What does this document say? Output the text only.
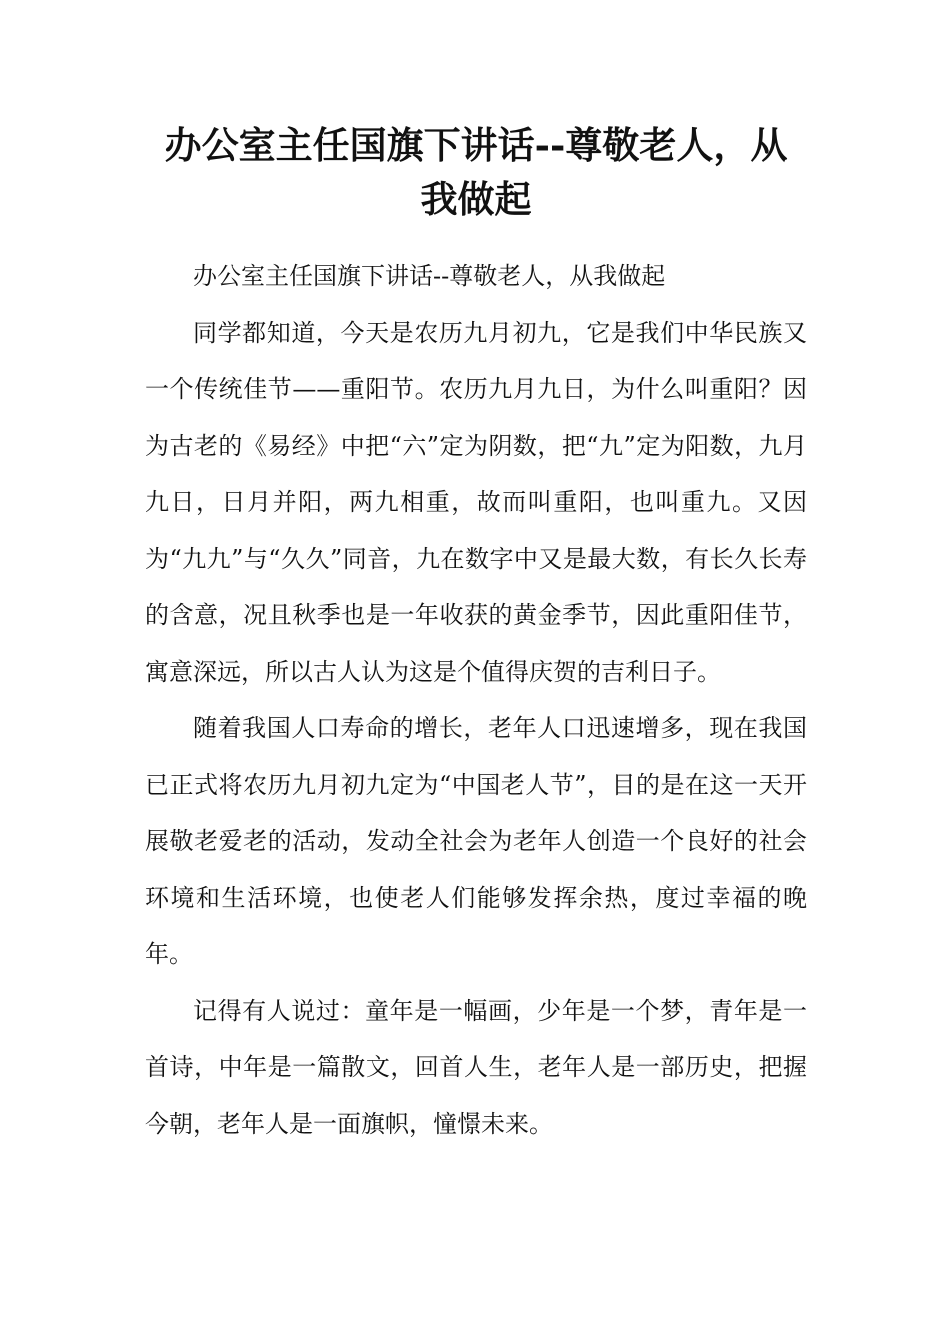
办公室主任国旗下讲话--尊敬老人，从
我做起

办公室主任国旗下讲话--尊敬老人，从我做起

同学都知道，今天是农历九月初九，它是我们中华民族又一个传统佳节——重阳节。农历九月九日，为什么叫重阳？因为古老的《易经》中把“六”定为阴数，把“九”定为阳数，九月九日，日月并阳，两九相重，故而叫重阳，也叫重九。又因为“九九”与“久久”同音，九在数字中又是最大数，有长久长寿的含意，况且秋季也是一年收获的黄金季节，因此重阳佳节，寓意深远，所以古人认为这是个值得庆贺的吉利日子。

随着我国人口寿命的增长，老年人口迅速增多，现在我国已正式将农历九月初九定为“中国老人节”，目的是在这一天开展敬老爱老的活动，发动全社会为老年人创造一个良好的社会环境和生活环境，也使老人们能够发挥余热，度过幸福的晚年。

记得有人说过：童年是一幅画，少年是一个梦，青年是一首诗，中年是一篇散文，回首人生，老年人是一部历史，把握今朝，老年人是一面旗帜，憧憬未来。
